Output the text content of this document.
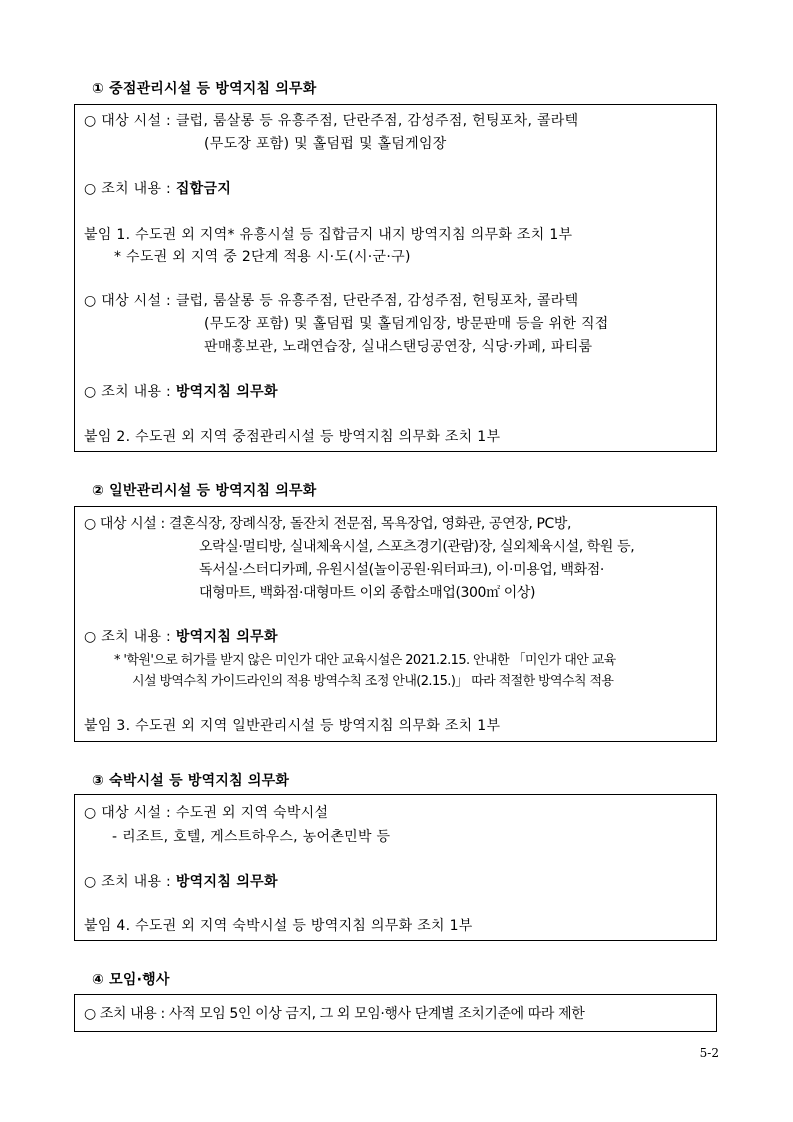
① 중점관리시설 등 방역지침 의무화
○ 대상 시설 : 클럽, 룸살롱 등 유흥주점, 단란주점, 감성주점, 헌팅포차, 콜라텍
(무도장 포함) 및 홀덤펍 및 홀덤게임장
○ 조치 내용 : 집합금지
붙임 1. 수도권 외 지역* 유흥시설 등 집합금지 내지 방역지침 의무화 조치 1부
* 수도권 외 지역 중 2단계 적용 시·도(시·군·구)
○ 대상 시설 : 클럽, 룸살롱 등 유흥주점, 단란주점, 감성주점, 헌팅포차, 콜라텍
(무도장 포함) 및 홀덤펍 및 홀덤게임장, 방문판매 등을 위한 직접
판매홍보관, 노래연습장, 실내스탠딩공연장, 식당·카페, 파티룸
○ 조치 내용 : 방역지침 의무화
붙임 2. 수도권 외 지역 중점관리시설 등 방역지침 의무화 조치 1부
② 일반관리시설 등 방역지침 의무화
○ 대상 시설 : 결혼식장, 장례식장, 돌잔치 전문점, 목욕장업, 영화관, 공연장, PC방,
오락실·멀티방, 실내체육시설, 스포츠경기(관람)장, 실외체육시설, 학원 등,
독서실·스터디카페, 유원시설(놀이공원·워터파크), 이·미용업, 백화점·
대형마트, 백화점·대형마트 이외 종합소매업(300㎡ 이상)
○ 조치 내용 : 방역지침 의무화
* '학원'으로 허가를 받지 않은 미인가 대안 교육시설은 2021.2.15. 안내한 「미인가 대안 교육
시설 방역수칙 가이드라인의 적용 방역수칙 조정 안내(2.15.)」 따라 적절한 방역수칙 적용
붙임 3. 수도권 외 지역 일반관리시설 등 방역지침 의무화 조치 1부
③ 숙박시설 등 방역지침 의무화
○ 대상 시설 : 수도권 외 지역 숙박시설
- 리조트, 호텔, 게스트하우스, 농어촌민박 등
○ 조치 내용 : 방역지침 의무화
붙임 4. 수도권 외 지역 숙박시설 등 방역지침 의무화 조치 1부
④ 모임·행사
○ 조치 내용 : 사적 모임 5인 이상 금지, 그 외 모임·행사 단계별 조치기준에 따라 제한
5-2
